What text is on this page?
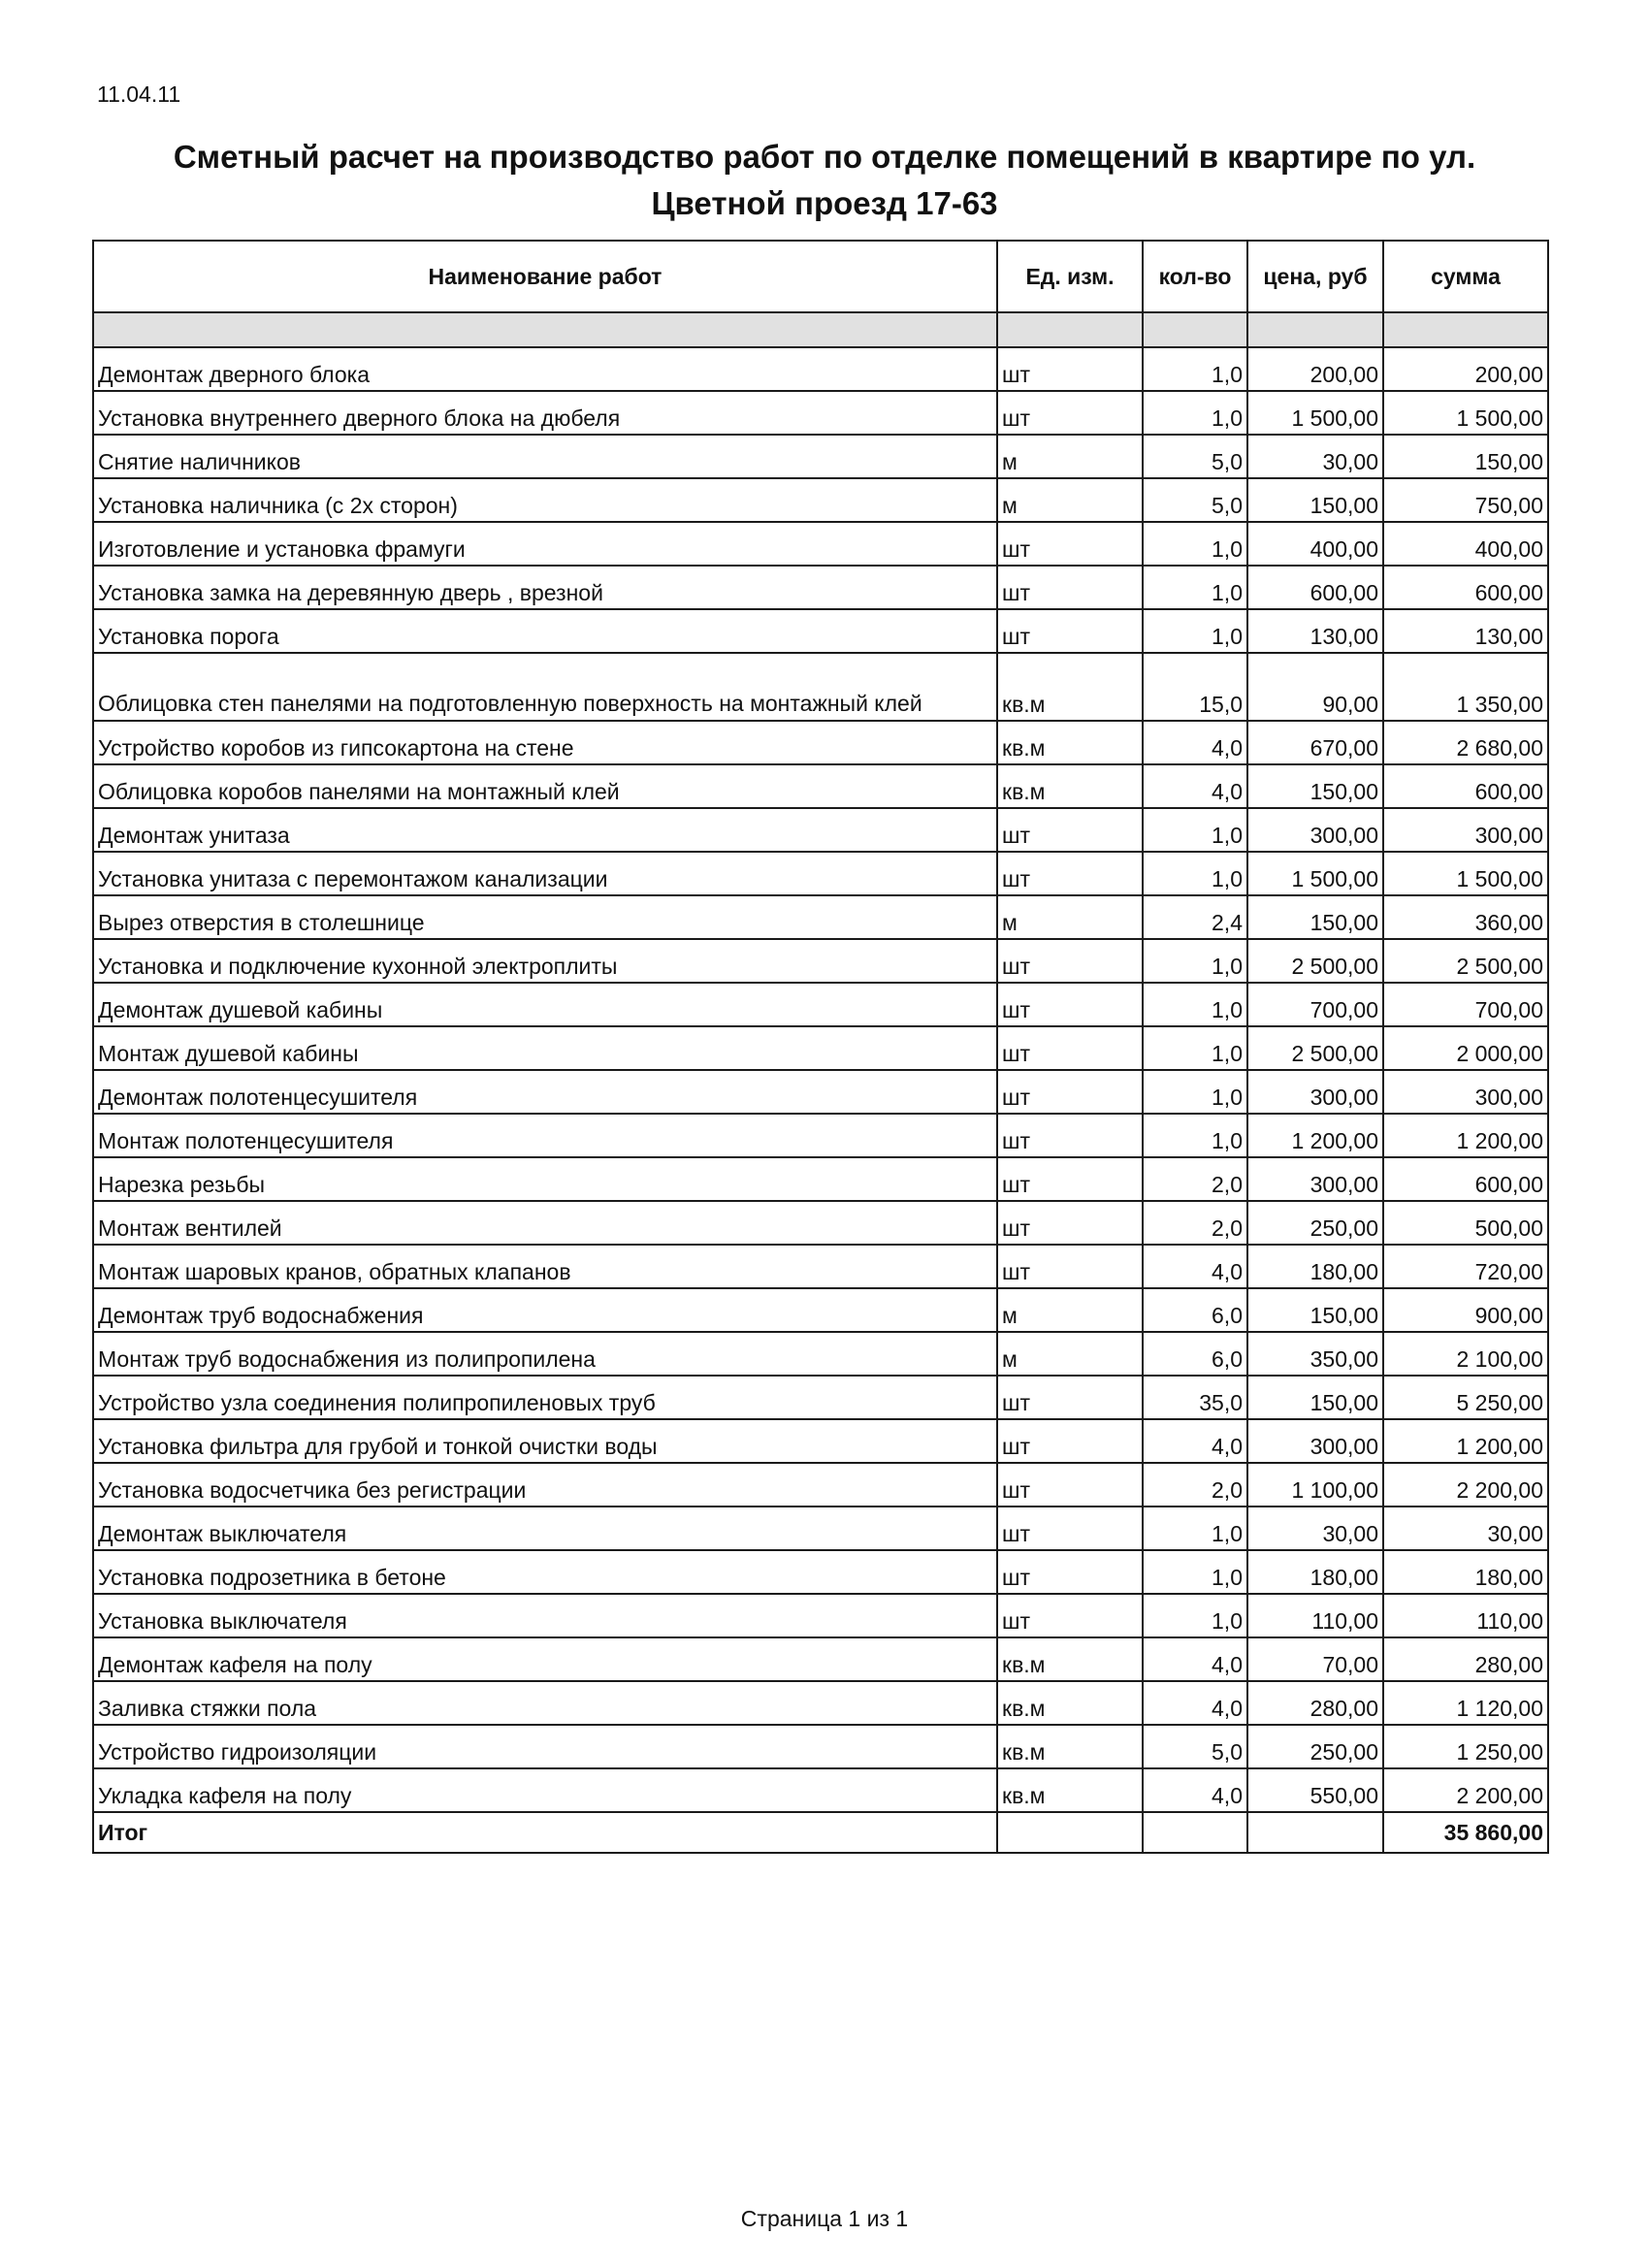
11.04.11
Сметный расчет на производство работ по отделке помещений в квартире по ул.
Цветной проезд 17-63
Наименование работ	Ед. изм.	кол-во	цена, руб	сумма

Демонтаж дверного блока	шт	1,0	200,00	200,00
Установка внутреннего дверного блока на дюбеля	шт	1,0	1 500,00	1 500,00
Снятие наличников	м	5,0	30,00	150,00
Установка наличника (с 2х сторон)	м	5,0	150,00	750,00
Изготовление и установка фрамуги	шт	1,0	400,00	400,00
Установка замка на деревянную дверь , врезной	шт	1,0	600,00	600,00
Установка порога	шт	1,0	130,00	130,00
Облицовка стен панелями на подготовленную поверхность на монтажный клей	кв.м	15,0	90,00	1 350,00
Устройство коробов из гипсокартона на стене	кв.м	4,0	670,00	2 680,00
Облицовка коробов панелями на монтажный клей	кв.м	4,0	150,00	600,00
Демонтаж унитаза	шт	1,0	300,00	300,00
Установка унитаза с перемонтажом канализации	шт	1,0	1 500,00	1 500,00
Вырез отверстия в столешнице	м	2,4	150,00	360,00
Установка и подключение кухонной электроплиты	шт	1,0	2 500,00	2 500,00
Демонтаж душевой кабины	шт	1,0	700,00	700,00
Монтаж душевой кабины	шт	1,0	2 500,00	2 000,00
Демонтаж полотенцесушителя	шт	1,0	300,00	300,00
Монтаж полотенцесушителя	шт	1,0	1 200,00	1 200,00
Нарезка резьбы	шт	2,0	300,00	600,00
Монтаж вентилей	шт	2,0	250,00	500,00
Монтаж шаровых кранов, обратных клапанов	шт	4,0	180,00	720,00
Демонтаж труб водоснабжения	м	6,0	150,00	900,00
Монтаж труб водоснабжения из полипропилена	м	6,0	350,00	2 100,00
Устройство узла соединения полипропиленовых труб	шт	35,0	150,00	5 250,00
Установка фильтра для грубой и тонкой очистки воды	шт	4,0	300,00	1 200,00
Установка водосчетчика без регистрации	шт	2,0	1 100,00	2 200,00
Демонтаж выключателя	шт	1,0	30,00	30,00
Установка подрозетника в бетоне	шт	1,0	180,00	180,00
Установка выключателя	шт	1,0	110,00	110,00
Демонтаж кафеля на полу	кв.м	4,0	70,00	280,00
Заливка стяжки пола	кв.м	4,0	280,00	1 120,00
Устройство гидроизоляции	кв.м	5,0	250,00	1 250,00
Укладка кафеля на полу	кв.м	4,0	550,00	2 200,00
Итог				35 860,00
Страница 1 из 1
